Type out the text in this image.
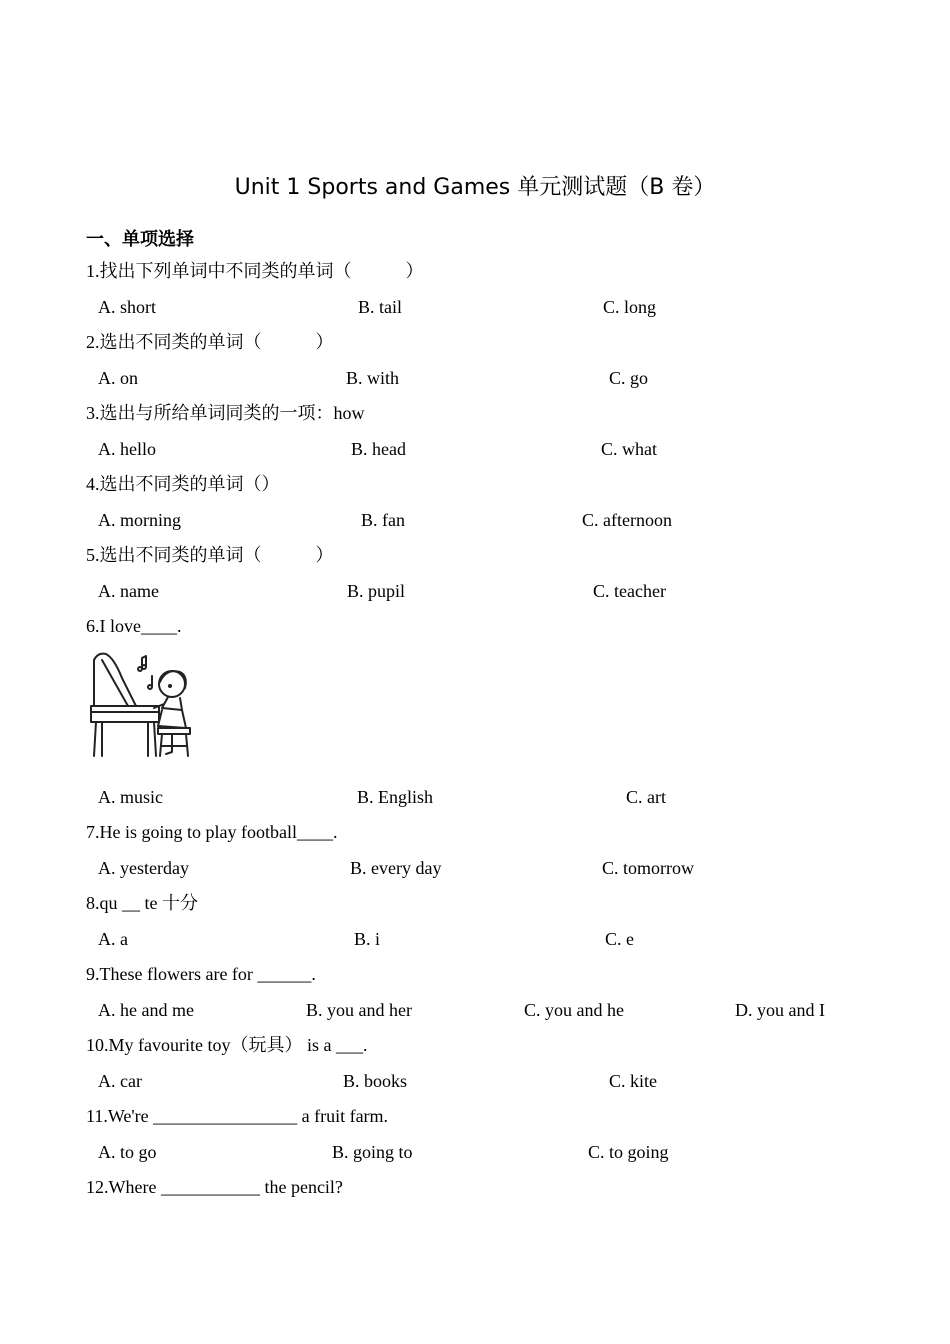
Unit 1 Sports and Games 单元测试题（B 卷）
一、单项选择
1.找出下列单词中不同类的单词（　　　）
A. short	B. tail	C. long
2.选出不同类的单词（　　　）
A. on	B. with	C. go
3.选出与所给单词同类的一项：how
A. hello	B. head	C. what
4.选出不同类的单词（）
A. morning	B. fan	C. afternoon
5.选出不同类的单词（　　　）
A. name	B. pupil	C. teacher
6.I love____.
A. music	B. English	C. art
7.He is going to play football____.
A. yesterday	B. every day	C. tomorrow
8.qu __ te 十分
A. a	B. i	C. e
9.These flowers are for ______.
A. he and me	B. you and her	C. you and he	D. you and I
10.My favourite toy（玩具） is a ___.
A. car	B. books	C. kite
11.We're ________________ a fruit farm.
A. to go	B. going to	C. to going
12.Where ___________ the pencil?
